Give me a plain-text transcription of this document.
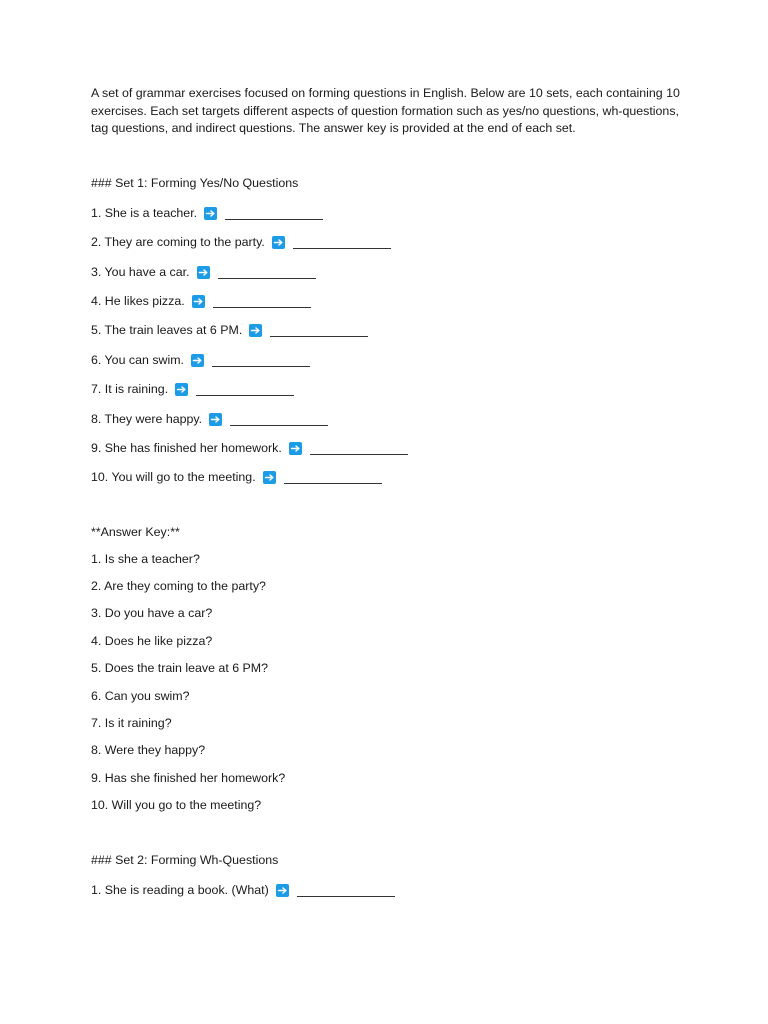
A set of grammar exercises focused on forming questions in English. Below are 10 sets, each containing 10 exercises. Each set targets different aspects of question formation such as yes/no questions, wh-questions, tag questions, and indirect questions. The answer key is provided at the end of each set.

### Set 1: Forming Yes/No Questions

1. She is a teacher.
2. They are coming to the party.
3. You have a car.
4. He likes pizza.
5. The train leaves at 6 PM.
6. You can swim.
7. It is raining.
8. They were happy.
9. She has finished her homework.
10. You will go to the meeting.

**Answer Key:**

1. Is she a teacher?
2. Are they coming to the party?
3. Do you have a car?
4. Does he like pizza?
5. Does the train leave at 6 PM?
6. Can you swim?
7. Is it raining?
8. Were they happy?
9. Has she finished her homework?
10. Will you go to the meeting?

### Set 2: Forming Wh-Questions

1. She is reading a book. (What)
